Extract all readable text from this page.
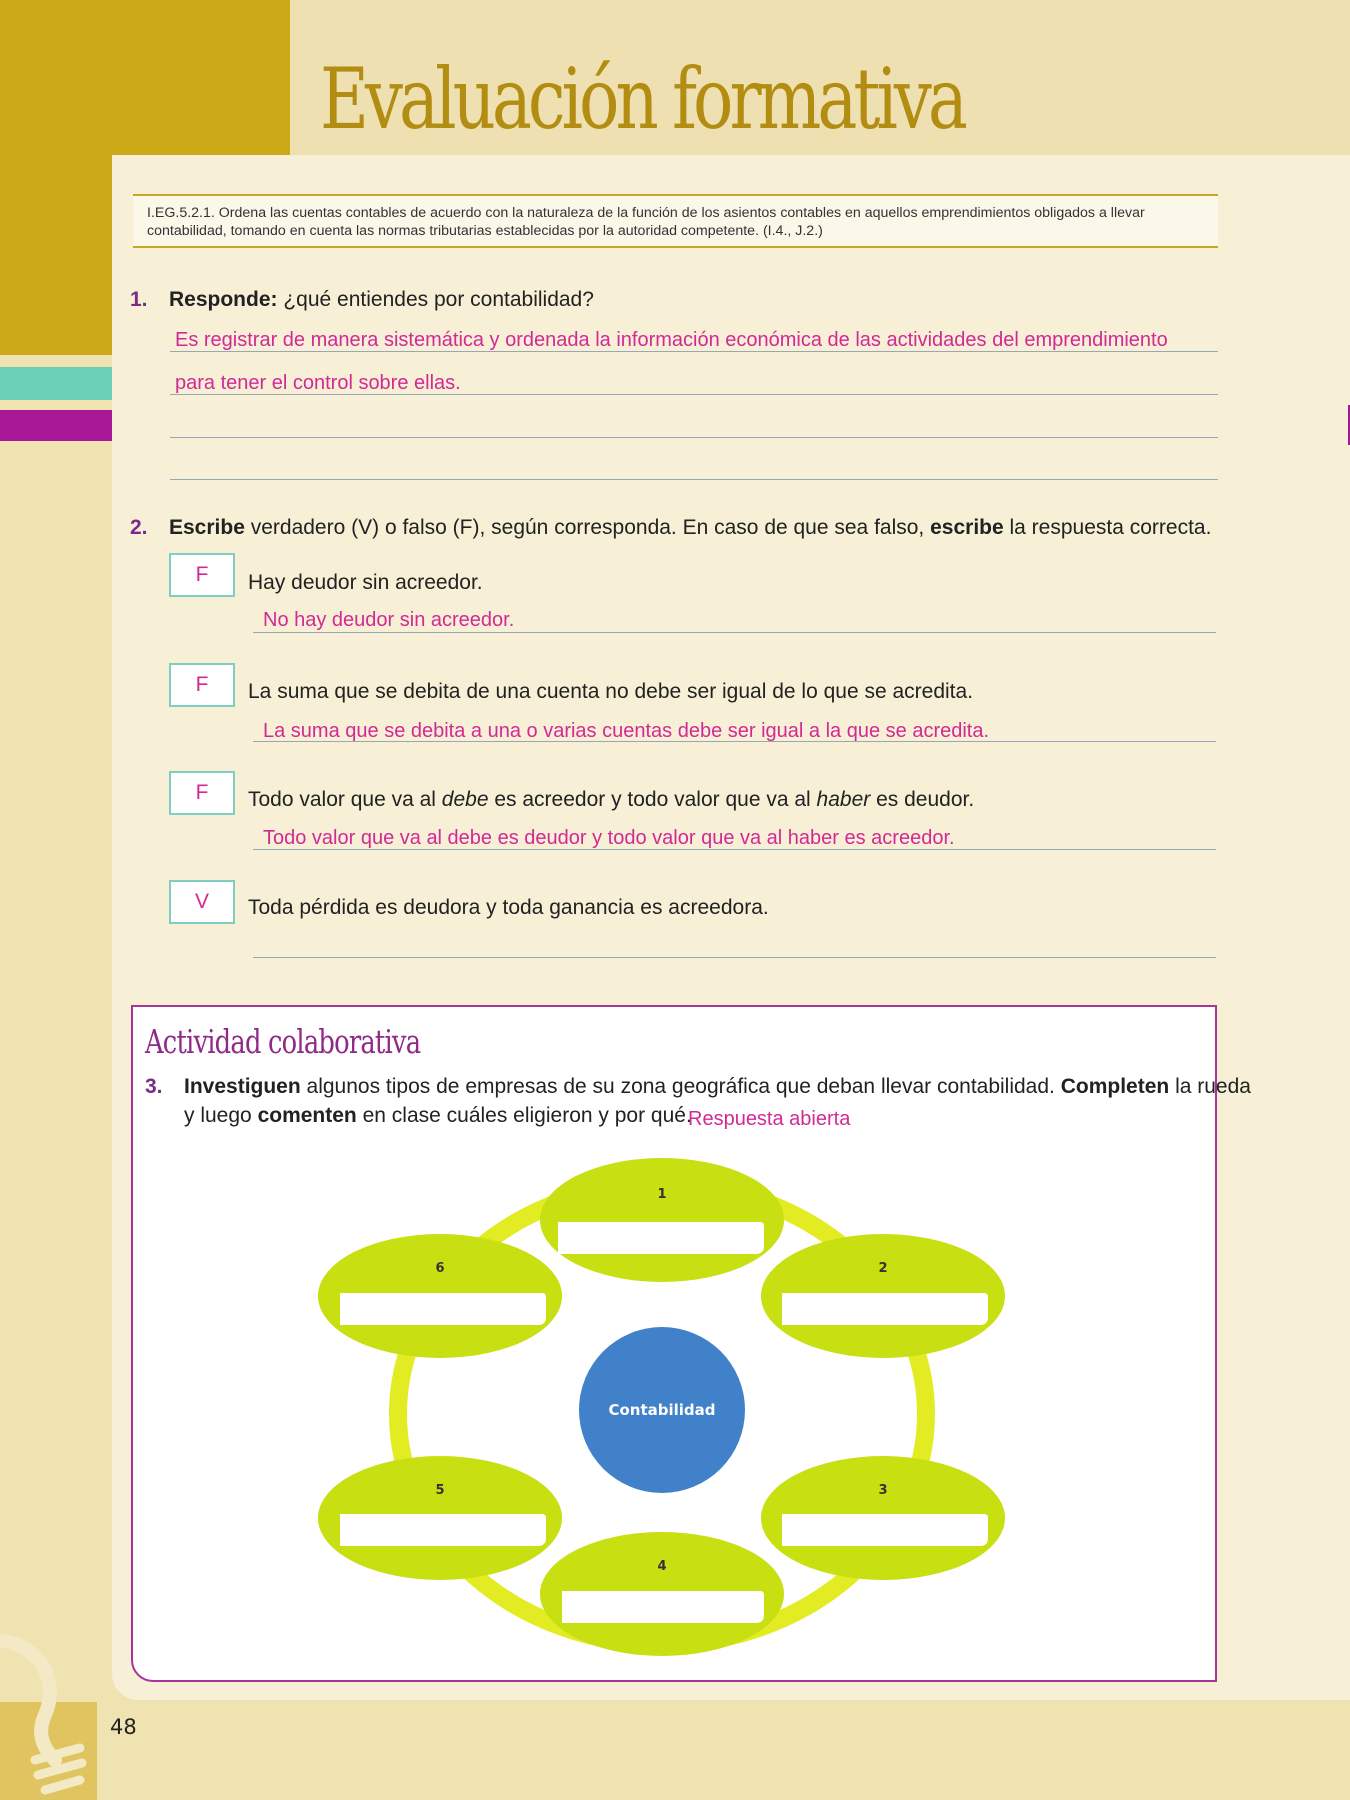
48
Evaluación formativa
I.EG.5.2.1. Ordena las cuentas contables de acuerdo con la naturaleza de la función de los asientos contables en aquellos emprendimientos obligados a llevar contabilidad, tomando en cuenta las normas tributarias establecidas por la autoridad competente. (I.4., J.2.)
1. Responde: ¿qué entiendes por contabilidad?
Es registrar de manera sistemática y ordenada la información económica de las actividades del emprendimiento
para tener el control sobre ellas.
2. Escribe verdadero (V) o falso (F), según corresponda. En caso de que sea falso, escribe la respuesta correcta.
F	Hay deudor sin acreedor.
No hay deudor sin acreedor.
F	La suma que se debita de una cuenta no debe ser igual de lo que se acredita.
La suma que se debita a una o varias cuentas debe ser igual a la que se acredita.
F	Todo valor que va al debe es acreedor y todo valor que va al haber es deudor.
Todo valor que va al debe es deudor y todo valor que va al haber es acreedor.
V	Toda pérdida es deudora y toda ganancia es acreedora.
Actividad colaborativa
3. Investiguen algunos tipos de empresas de su zona geográfica que deban llevar contabilidad. Completen la rueda
y luego comenten en clase cuáles eligieron y por qué.
Respuesta abierta
1
2
3
4
5
6
Contabilidad
